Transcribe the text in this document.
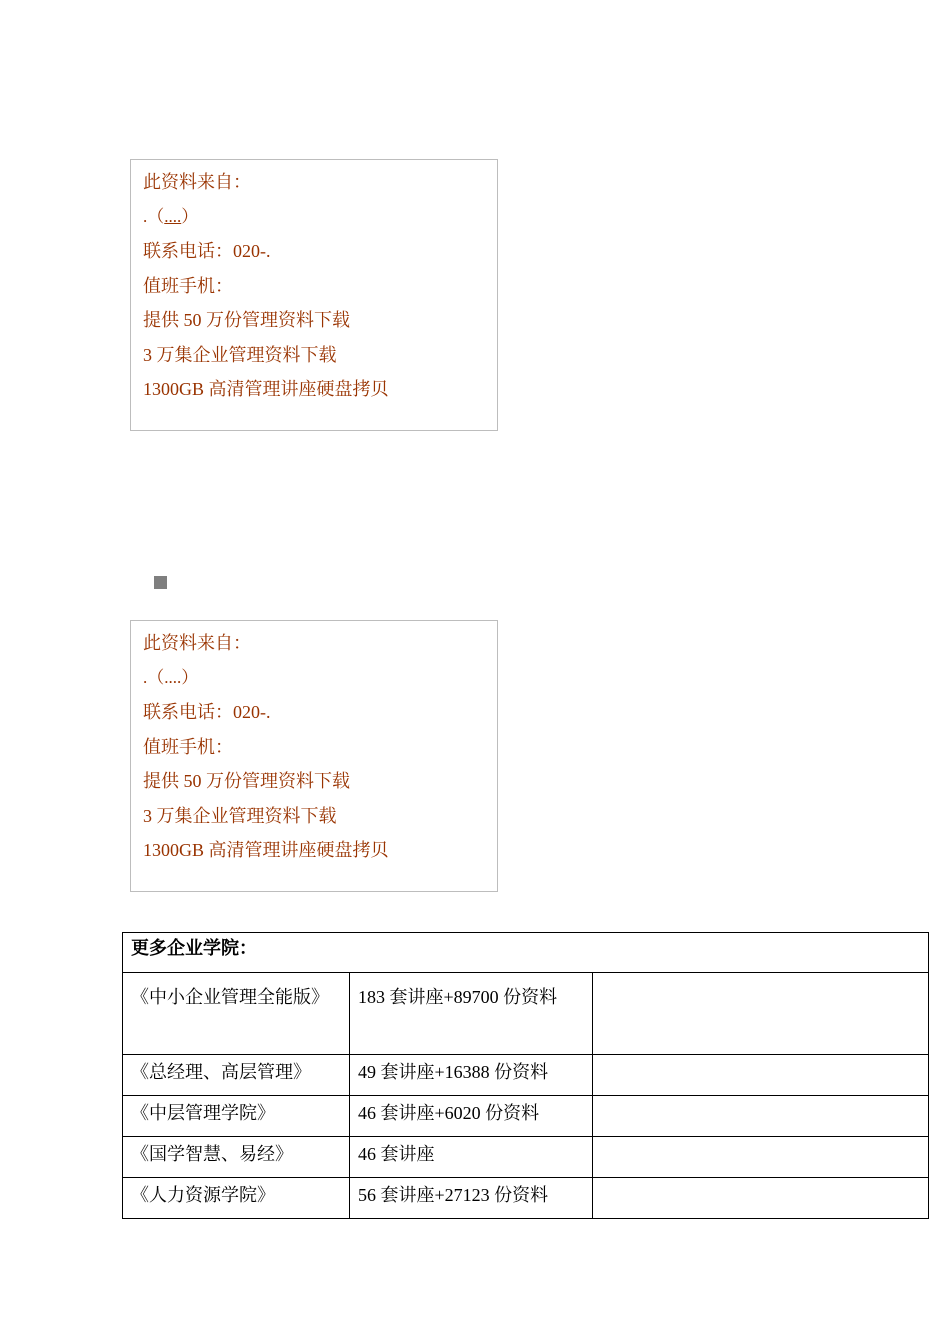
此资料来自：
.（....）
联系电话：020-.
值班手机：
提供 50 万份管理资料下载
3 万集企业管理资料下载
1300GB 高清管理讲座硬盘拷贝
此资料来自：
.（....）
联系电话：020-.
值班手机：
提供 50 万份管理资料下载
3 万集企业管理资料下载
1300GB 高清管理讲座硬盘拷贝
更多企业学院：		
《中小企业管理全能版》	183 套讲座+89700 份资料	
《总经理、高层管理》	49 套讲座+16388 份资料	
《中层管理学院》	46 套讲座+6020 份资料	
《国学智慧、易经》	46 套讲座	
《人力资源学院》	56 套讲座+27123 份资料	
